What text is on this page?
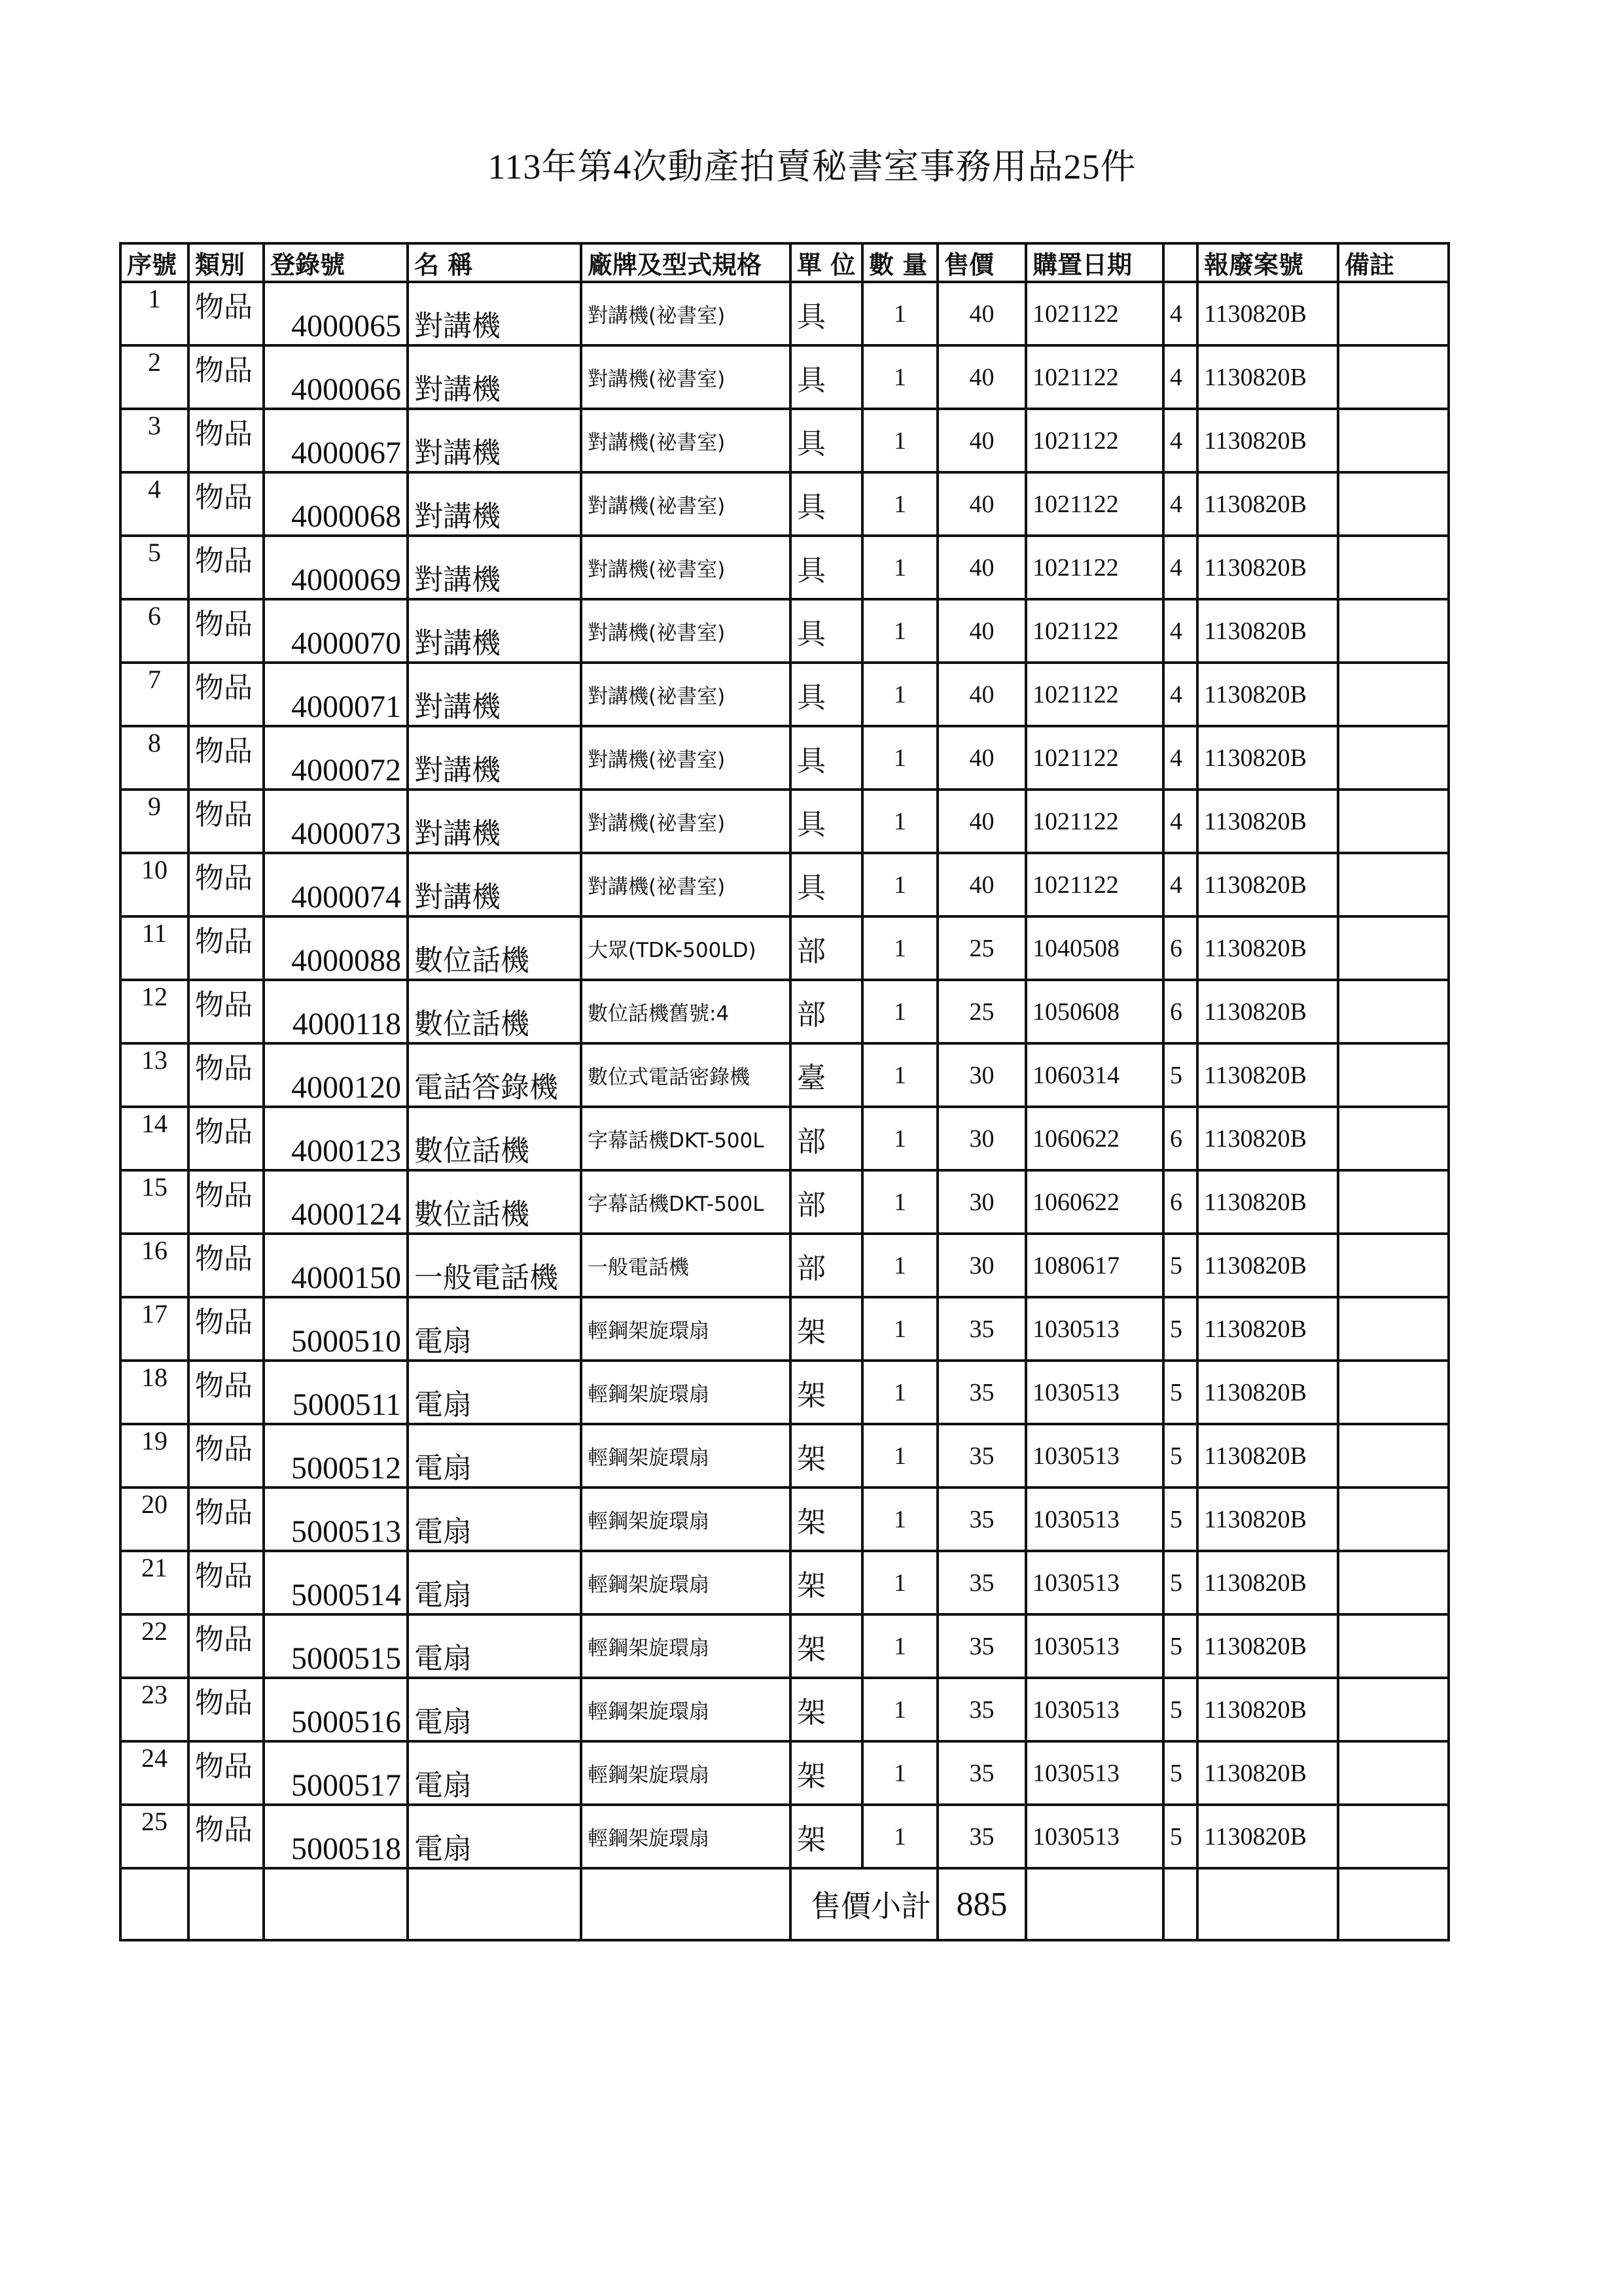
113年第4次動產拍賣秘書室事務用品25件
序號	類別	登錄號	名 稱	廠牌及型式規格	單 位	數 量	售價	購置日期		報廢案號	備註
1	物品	4000065	對講機	對講機(祕書室)	具	1	40	1021122	4	1130820B	
2	物品	4000066	對講機	對講機(祕書室)	具	1	40	1021122	4	1130820B	
3	物品	4000067	對講機	對講機(祕書室)	具	1	40	1021122	4	1130820B	
4	物品	4000068	對講機	對講機(祕書室)	具	1	40	1021122	4	1130820B	
5	物品	4000069	對講機	對講機(祕書室)	具	1	40	1021122	4	1130820B	
6	物品	4000070	對講機	對講機(祕書室)	具	1	40	1021122	4	1130820B	
7	物品	4000071	對講機	對講機(祕書室)	具	1	40	1021122	4	1130820B	
8	物品	4000072	對講機	對講機(祕書室)	具	1	40	1021122	4	1130820B	
9	物品	4000073	對講機	對講機(祕書室)	具	1	40	1021122	4	1130820B	
10	物品	4000074	對講機	對講機(祕書室)	具	1	40	1021122	4	1130820B	
11	物品	4000088	數位話機	大眾(TDK-500LD)	部	1	25	1040508	6	1130820B	
12	物品	4000118	數位話機	數位話機舊號:4	部	1	25	1050608	6	1130820B	
13	物品	4000120	電話答錄機	數位式電話密錄機	臺	1	30	1060314	5	1130820B	
14	物品	4000123	數位話機	字幕話機DKT-500L	部	1	30	1060622	6	1130820B	
15	物品	4000124	數位話機	字幕話機DKT-500L	部	1	30	1060622	6	1130820B	
16	物品	4000150	一般電話機	一般電話機	部	1	30	1080617	5	1130820B	
17	物品	5000510	電扇	輕鋼架旋環扇	架	1	35	1030513	5	1130820B	
18	物品	5000511	電扇	輕鋼架旋環扇	架	1	35	1030513	5	1130820B	
19	物品	5000512	電扇	輕鋼架旋環扇	架	1	35	1030513	5	1130820B	
20	物品	5000513	電扇	輕鋼架旋環扇	架	1	35	1030513	5	1130820B	
21	物品	5000514	電扇	輕鋼架旋環扇	架	1	35	1030513	5	1130820B	
22	物品	5000515	電扇	輕鋼架旋環扇	架	1	35	1030513	5	1130820B	
23	物品	5000516	電扇	輕鋼架旋環扇	架	1	35	1030513	5	1130820B	
24	物品	5000517	電扇	輕鋼架旋環扇	架	1	35	1030513	5	1130820B	
25	物品	5000518	電扇	輕鋼架旋環扇	架	1	35	1030513	5	1130820B	
					售價小計		885				
